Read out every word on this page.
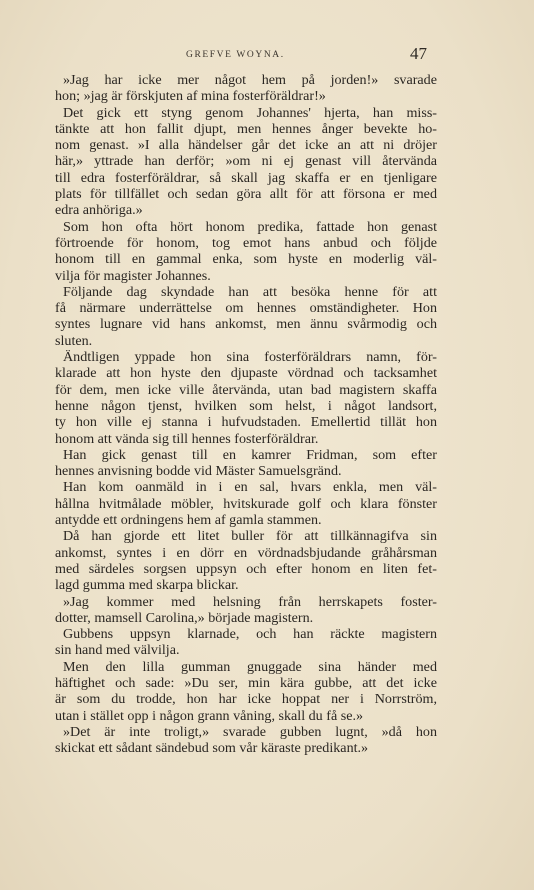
GREFVE WOYNA.	47
»Jag har icke mer något hem på jorden!» svarade
hon; »jag är förskjuten af mina fosterföräldrar!»
Det gick ett styng genom Johannes' hjerta, han miss-
tänkte att hon fallit djupt, men hennes ånger bevekte ho-
nom genast. »I alla händelser går det icke an att ni dröjer
här,» yttrade han derför; »om ni ej genast vill återvända
till edra fosterföräldrar, så skall jag skaffa er en tjenligare
plats för tillfället och sedan göra allt för att försona er med
edra anhöriga.»
Som hon ofta hört honom predika, fattade hon genast
förtroende för honom, tog emot hans anbud och följde
honom till en gammal enka, som hyste en moderlig väl-
vilja för magister Johannes.
Följande dag skyndade han att besöka henne för att
få närmare underrättelse om hennes omständigheter. Hon
syntes lugnare vid hans ankomst, men ännu svårmodig och
sluten.
Ändtligen yppade hon sina fosterföräldrars namn, för-
klarade att hon hyste den djupaste vördnad och tacksamhet
för dem, men icke ville återvända, utan bad magistern skaffa
henne någon tjenst, hvilken som helst, i något landsort,
ty hon ville ej stanna i hufvudstaden. Emellertid tillät hon
honom att vända sig till hennes fosterföräldrar.
Han gick genast till en kamrer Fridman, som efter
hennes anvisning bodde vid Mäster Samuelsgränd.
Han kom oanmäld in i en sal, hvars enkla, men väl-
hållna hvitmålade möbler, hvitskurade golf och klara fönster
antydde ett ordningens hem af gamla stammen.
Då han gjorde ett litet buller för att tillkännagifva sin
ankomst, syntes i en dörr en vördnadsbjudande gråhårsman
med särdeles sorgsen uppsyn och efter honom en liten fet-
lagd gumma med skarpa blickar.
»Jag kommer med helsning från herrskapets foster-
dotter, mamsell Carolina,» började magistern.
Gubbens uppsyn klarnade, och han räckte magistern
sin hand med välvilja.
Men den lilla gumman gnuggade sina händer med
häftighet och sade: »Du ser, min kära gubbe, att det icke
är som du trodde, hon har icke hoppat ner i Norrström,
utan i stället opp i någon grann våning, skall du få se.»
»Det är inte troligt,» svarade gubben lugnt, »då hon
skickat ett sådant sändebud som vår käraste predikant.»
